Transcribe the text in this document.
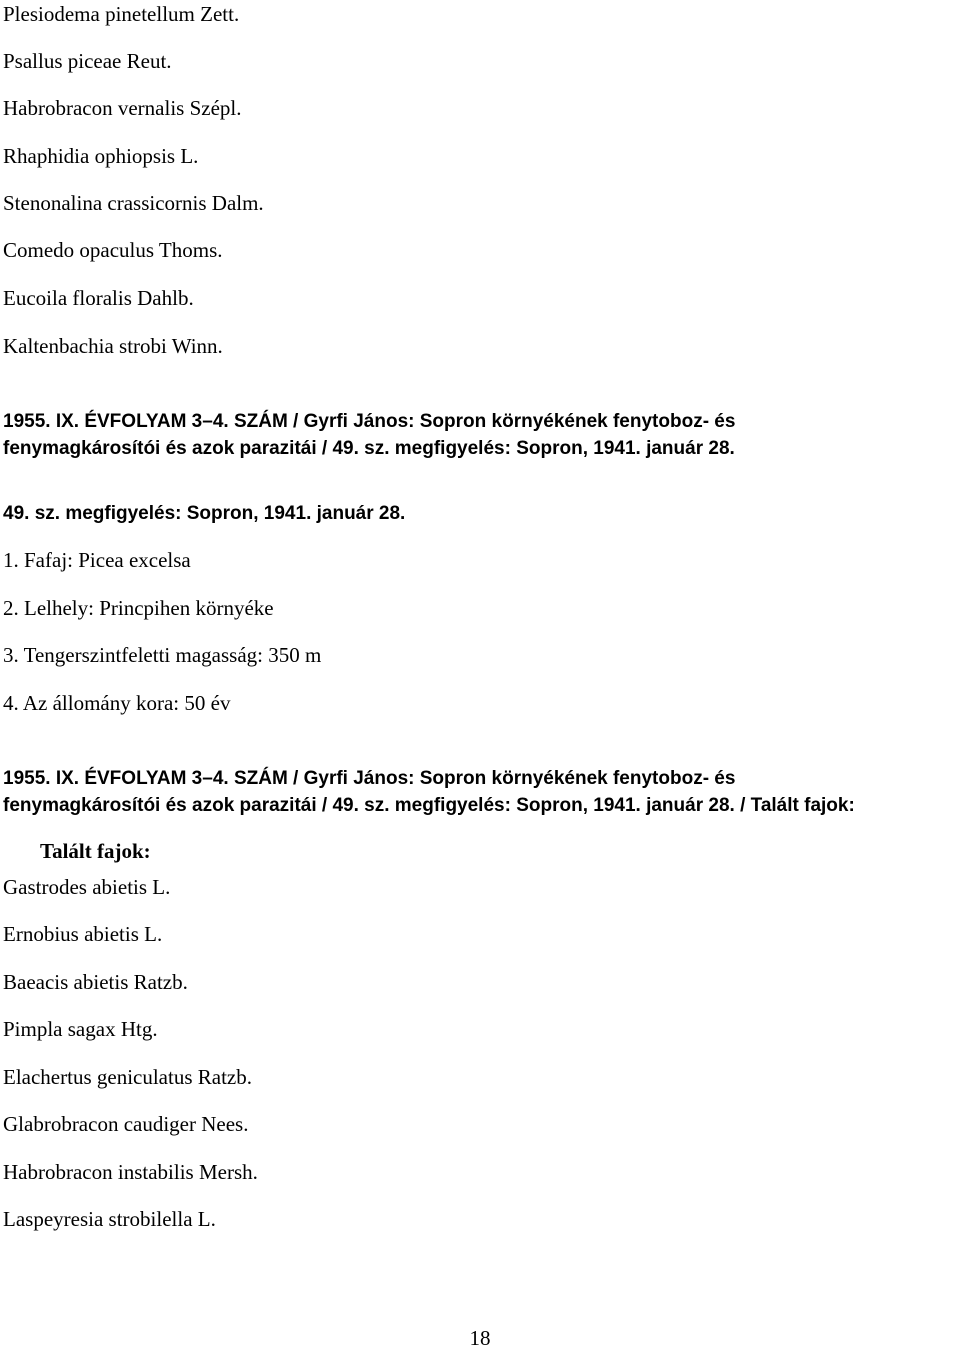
Plesiodema pinetellum Zett.

Psallus piceae Reut.

Habrobracon vernalis Szépl.

Rhaphidia ophiopsis L.

Stenonalina crassicornis Dalm.

Comedo opaculus Thoms.

Eucoila floralis Dahlb.

Kaltenbachia strobi Winn.

1955. IX. ÉVFOLYAM 3–4. SZÁM / Gyrfi János: Sopron környékének fenytoboz- és

fenymagkárosítói és azok parazitái / 49. sz. megfigyelés: Sopron, 1941. január 28.

49. sz. megfigyelés: Sopron, 1941. január 28.

1. Fafaj: Picea excelsa

2. Lelhely: Princpihen környéke

3. Tengerszintfeletti magasság: 350 m

4. Az állomány kora: 50 év

1955. IX. ÉVFOLYAM 3–4. SZÁM / Gyrfi János: Sopron környékének fenytoboz- és

fenymagkárosítói és azok parazitái / 49. sz. megfigyelés: Sopron, 1941. január 28. / Talált fajok:

Talált fajok:

Gastrodes abietis L.

Ernobius abietis L.

Baeacis abietis Ratzb.

Pimpla sagax Htg.

Elachertus geniculatus Ratzb.

Glabrobracon caudiger Nees.

Habrobracon instabilis Mersh.

Laspeyresia strobilella L.

18
